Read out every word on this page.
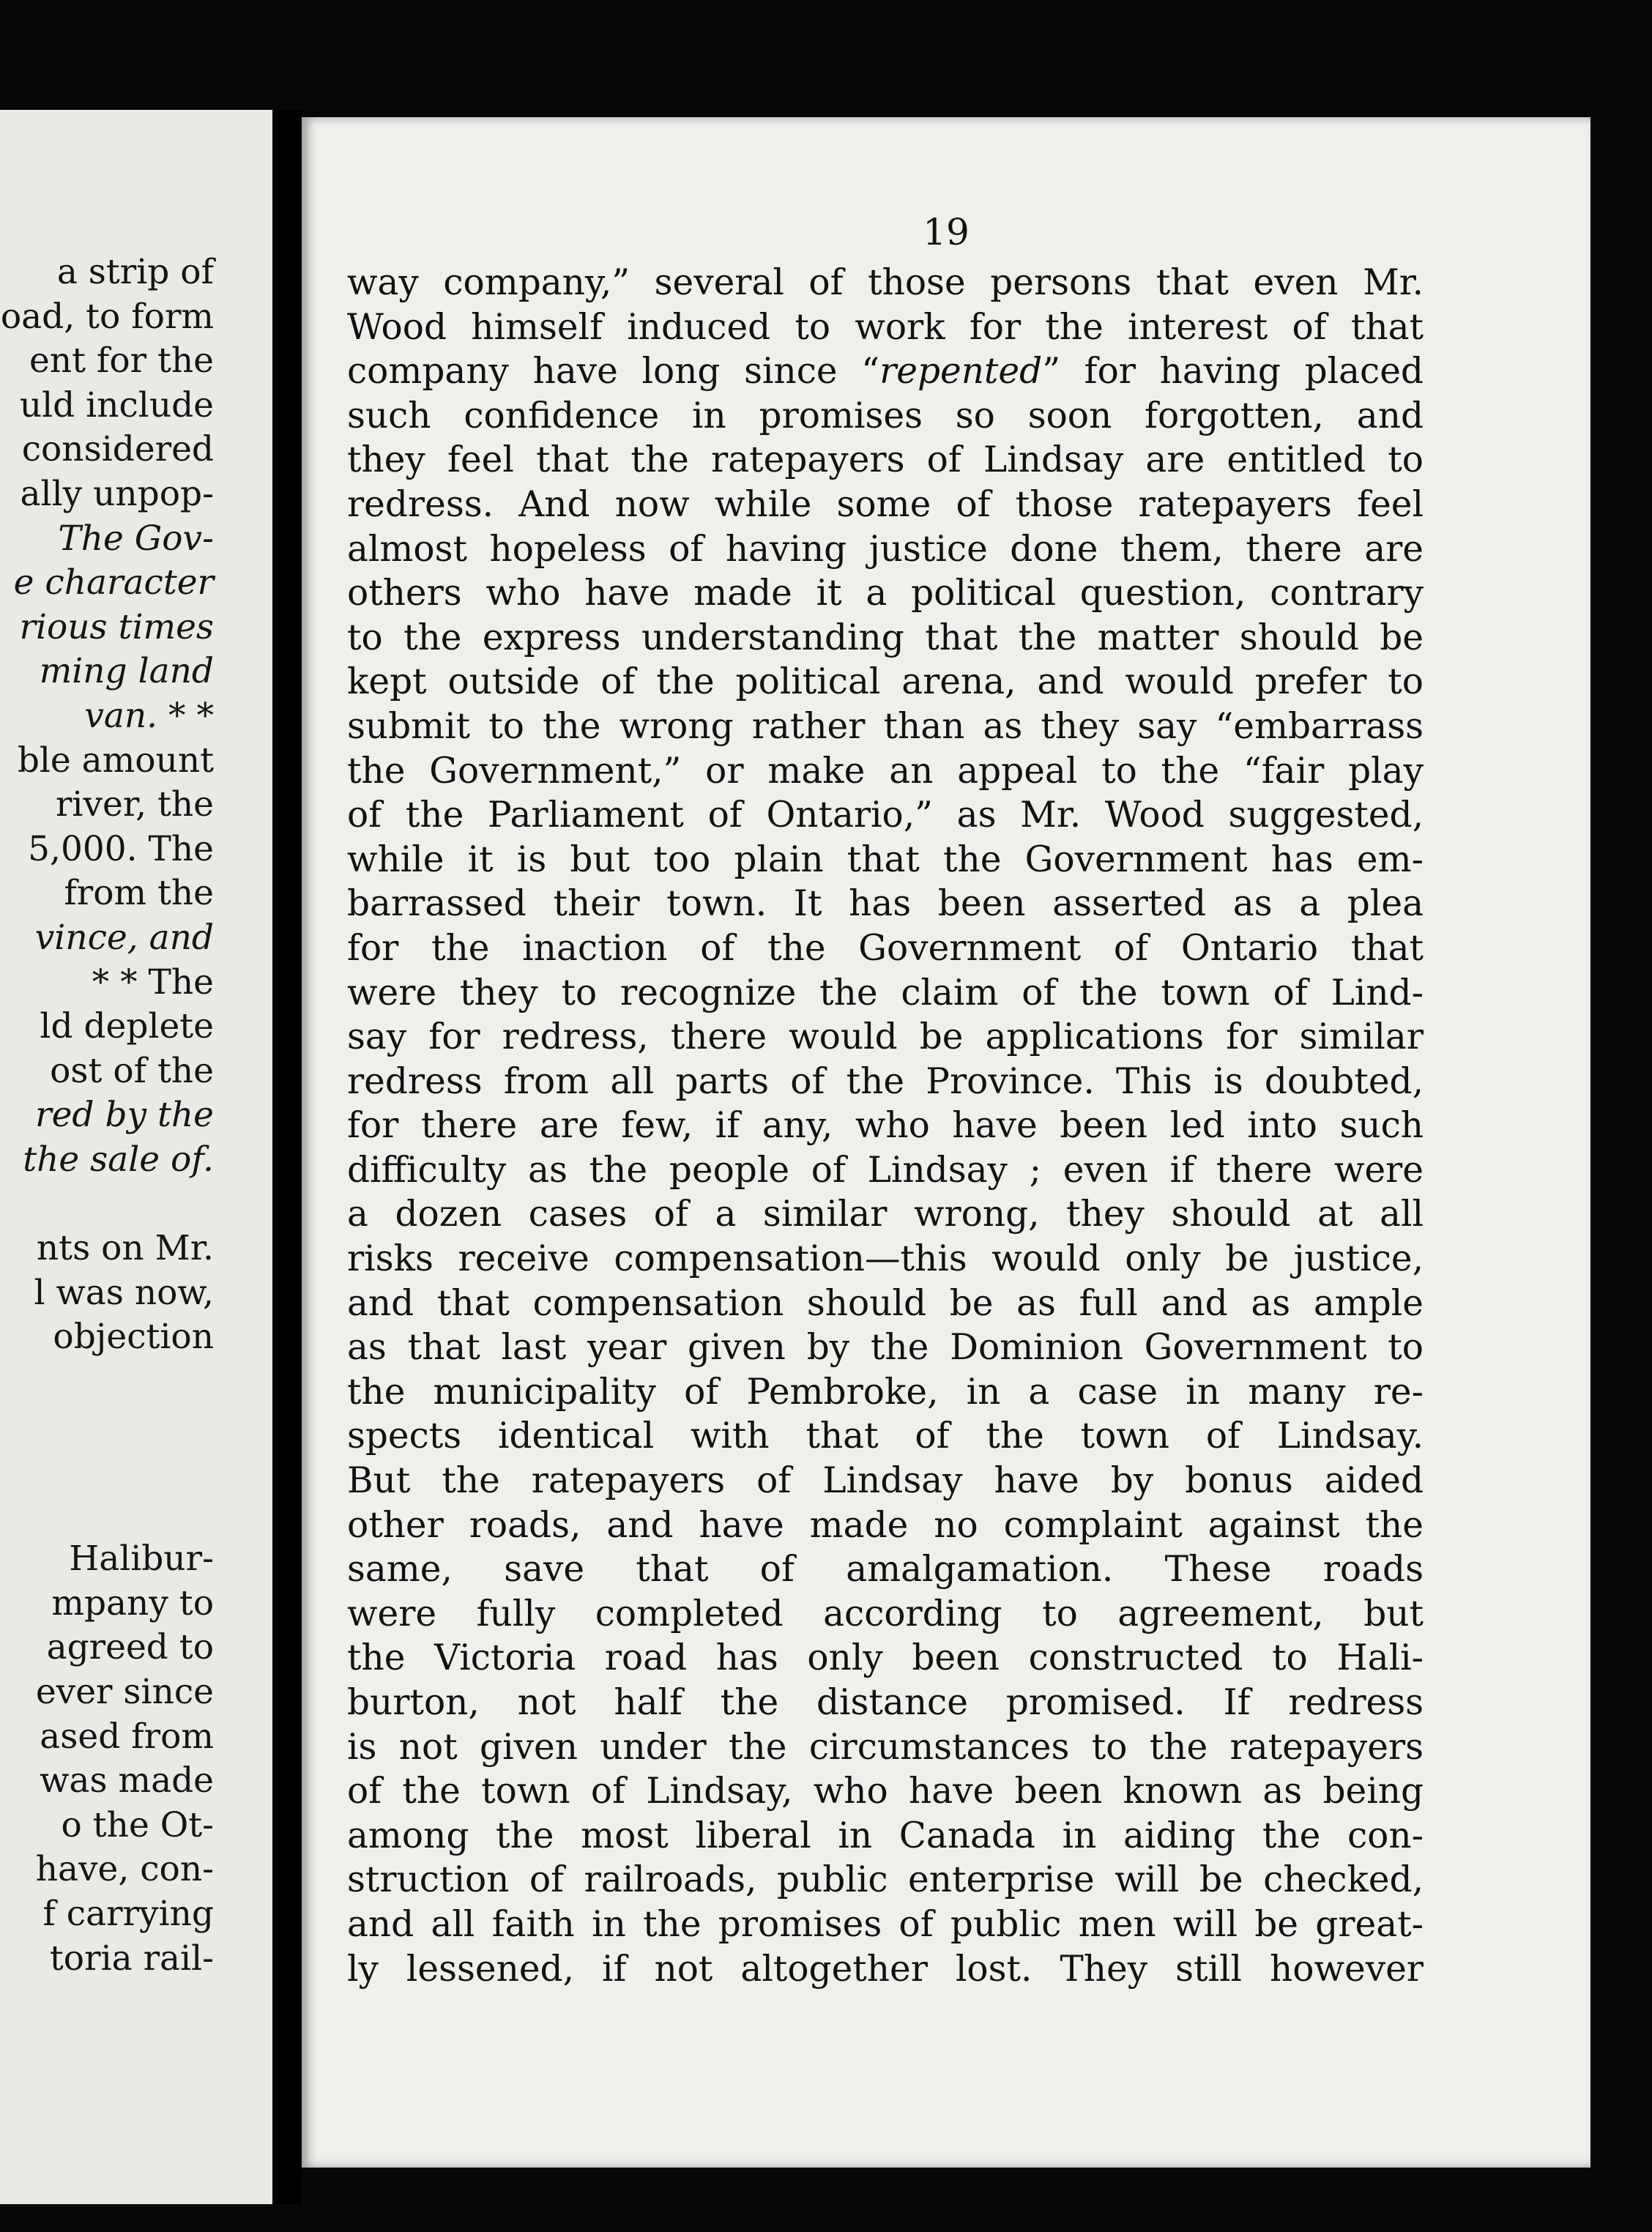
a strip of
oad, to form
ent for the
uld include
considered
ally unpop-
The Gov-
e character
rious times
ming land
van. * *
ble amount
river, the
5,000. The
from the
vince, and
* * The
ld deplete
ost of the
red by the
the sale of.
nts on Mr.
l was now,
objection
Halibur-
mpany to
agreed to
ever since
ased from
was made
o the Ot-
have, con-
f carrying
toria rail-
19
way company,” several of those persons that even Mr.
Wood himself induced to work for the interest of that
company have long since “repented” for having placed
such confidence in promises so soon forgotten, and
they feel that the ratepayers of Lindsay are entitled to
redress. And now while some of those ratepayers feel
almost hopeless of having justice done them, there are
others who have made it a political question, contrary
to the express understanding that the matter should be
kept outside of the political arena, and would prefer to
submit to the wrong rather than as they say “embarrass
the Government,” or make an appeal to the “fair play
of the Parliament of Ontario,” as Mr. Wood suggested,
while it is but too plain that the Government has em-
barrassed their town. It has been asserted as a plea
for the inaction of the Government of Ontario that
were they to recognize the claim of the town of Lind-
say for redress, there would be applications for similar
redress from all parts of the Province. This is doubted,
for there are few, if any, who have been led into such
difficulty as the people of Lindsay ; even if there were
a dozen cases of a similar wrong, they should at all
risks receive compensation—this would only be justice,
and that compensation should be as full and as ample
as that last year given by the Dominion Government to
the municipality of Pembroke, in a case in many re-
spects identical with that of the town of Lindsay.
But the ratepayers of Lindsay have by bonus aided
other roads, and have made no complaint against the
same, save that of amalgamation. These roads
were fully completed according to agreement, but
the Victoria road has only been constructed to Hali-
burton, not half the distance promised. If redress
is not given under the circumstances to the ratepayers
of the town of Lindsay, who have been known as being
among the most liberal in Canada in aiding the con-
struction of railroads, public enterprise will be checked,
and all faith in the promises of public men will be great-
ly lessened, if not altogether lost. They still however
